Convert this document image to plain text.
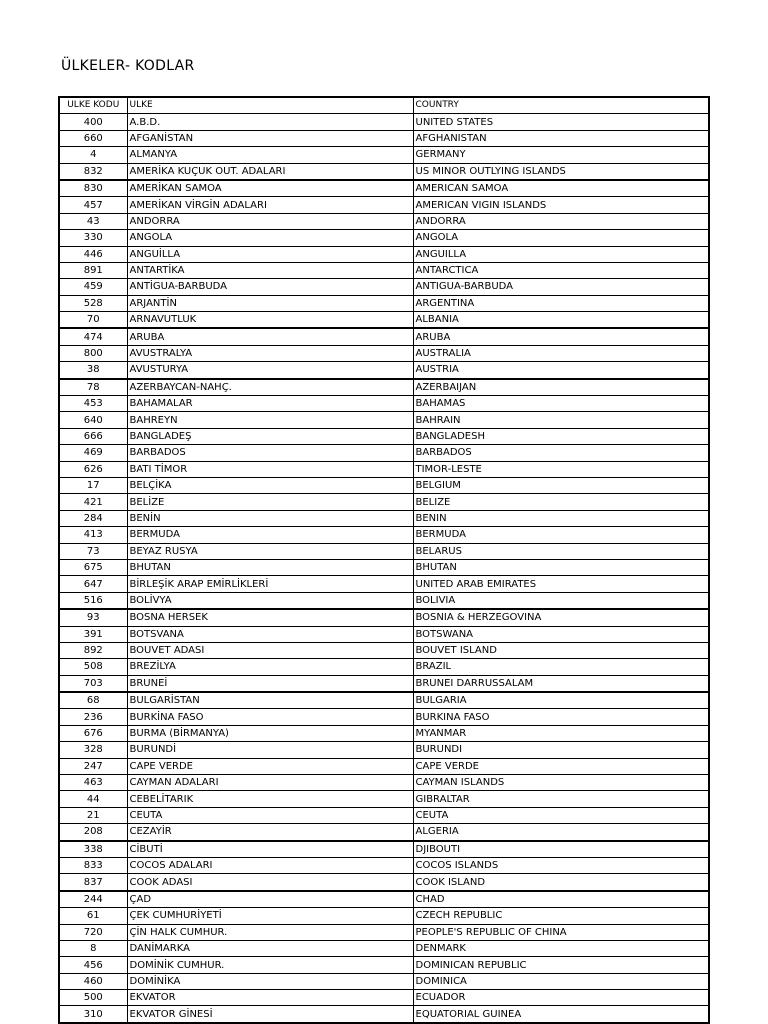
ÜLKELER- KODLAR
ULKE KODU	ULKE	COUNTRY
400	A.B.D.	UNITED STATES
660	AFGANİSTAN	AFGHANISTAN
4	ALMANYA	GERMANY
832	AMERİKA KUÇUK OUT. ADALARI	US MINOR OUTLYING ISLANDS
830	AMERİKAN SAMOA	AMERICAN SAMOA
457	AMERİKAN VİRGİN ADALARI	AMERICAN VIGIN ISLANDS
43	ANDORRA	ANDORRA
330	ANGOLA	ANGOLA
446	ANGUİLLA	ANGUILLA
891	ANTARTİKA	ANTARCTICA
459	ANTİGUA-BARBUDA	ANTIGUA-BARBUDA
528	ARJANTİN	ARGENTINA
70	ARNAVUTLUK	ALBANIA
474	ARUBA	ARUBA
800	AVUSTRALYA	AUSTRALIA
38	AVUSTURYA	AUSTRIA
78	AZERBAYCAN-NAHÇ.	AZERBAIJAN
453	BAHAMALAR	BAHAMAS
640	BAHREYN	BAHRAIN
666	BANGLADEŞ	BANGLADESH
469	BARBADOS	BARBADOS
626	BATI TİMOR	TIMOR-LESTE
17	BELÇİKA	BELGIUM
421	BELİZE	BELIZE
284	BENİN	BENIN
413	BERMUDA	BERMUDA
73	BEYAZ RUSYA	BELARUS
675	BHUTAN	BHUTAN
647	BİRLEŞİK ARAP EMİRLİKLERİ	UNITED ARAB EMIRATES
516	BOLİVYA	BOLIVIA
93	BOSNA HERSEK	BOSNIA & HERZEGOVINA
391	BOTSVANA	BOTSWANA
892	BOUVET ADASI	BOUVET ISLAND
508	BREZİLYA	BRAZIL
703	BRUNEİ	BRUNEI DARRUSSALAM
68	BULGARİSTAN	BULGARIA
236	BURKİNA FASO	BURKINA FASO
676	BURMA (BİRMANYA)	MYANMAR
328	BURUNDİ	BURUNDI
247	CAPE VERDE	CAPE VERDE
463	CAYMAN ADALARI	CAYMAN ISLANDS
44	CEBELİTARIK	GIBRALTAR
21	CEUTA	CEUTA
208	CEZAYİR	ALGERIA
338	CİBUTİ	DJIBOUTI
833	COCOS ADALARI	COCOS ISLANDS
837	COOK ADASI	COOK ISLAND
244	ÇAD	CHAD
61	ÇEK CUMHURİYETİ	CZECH REPUBLIC
720	ÇİN HALK CUMHUR.	PEOPLE'S REPUBLIC OF CHINA
8	DANİMARKA	DENMARK
456	DOMİNİK CUMHUR.	DOMINICAN REPUBLIC
460	DOMİNİKA	DOMINICA
500	EKVATOR	ECUADOR
310	EKVATOR GİNESİ	EQUATORIAL GUINEA
